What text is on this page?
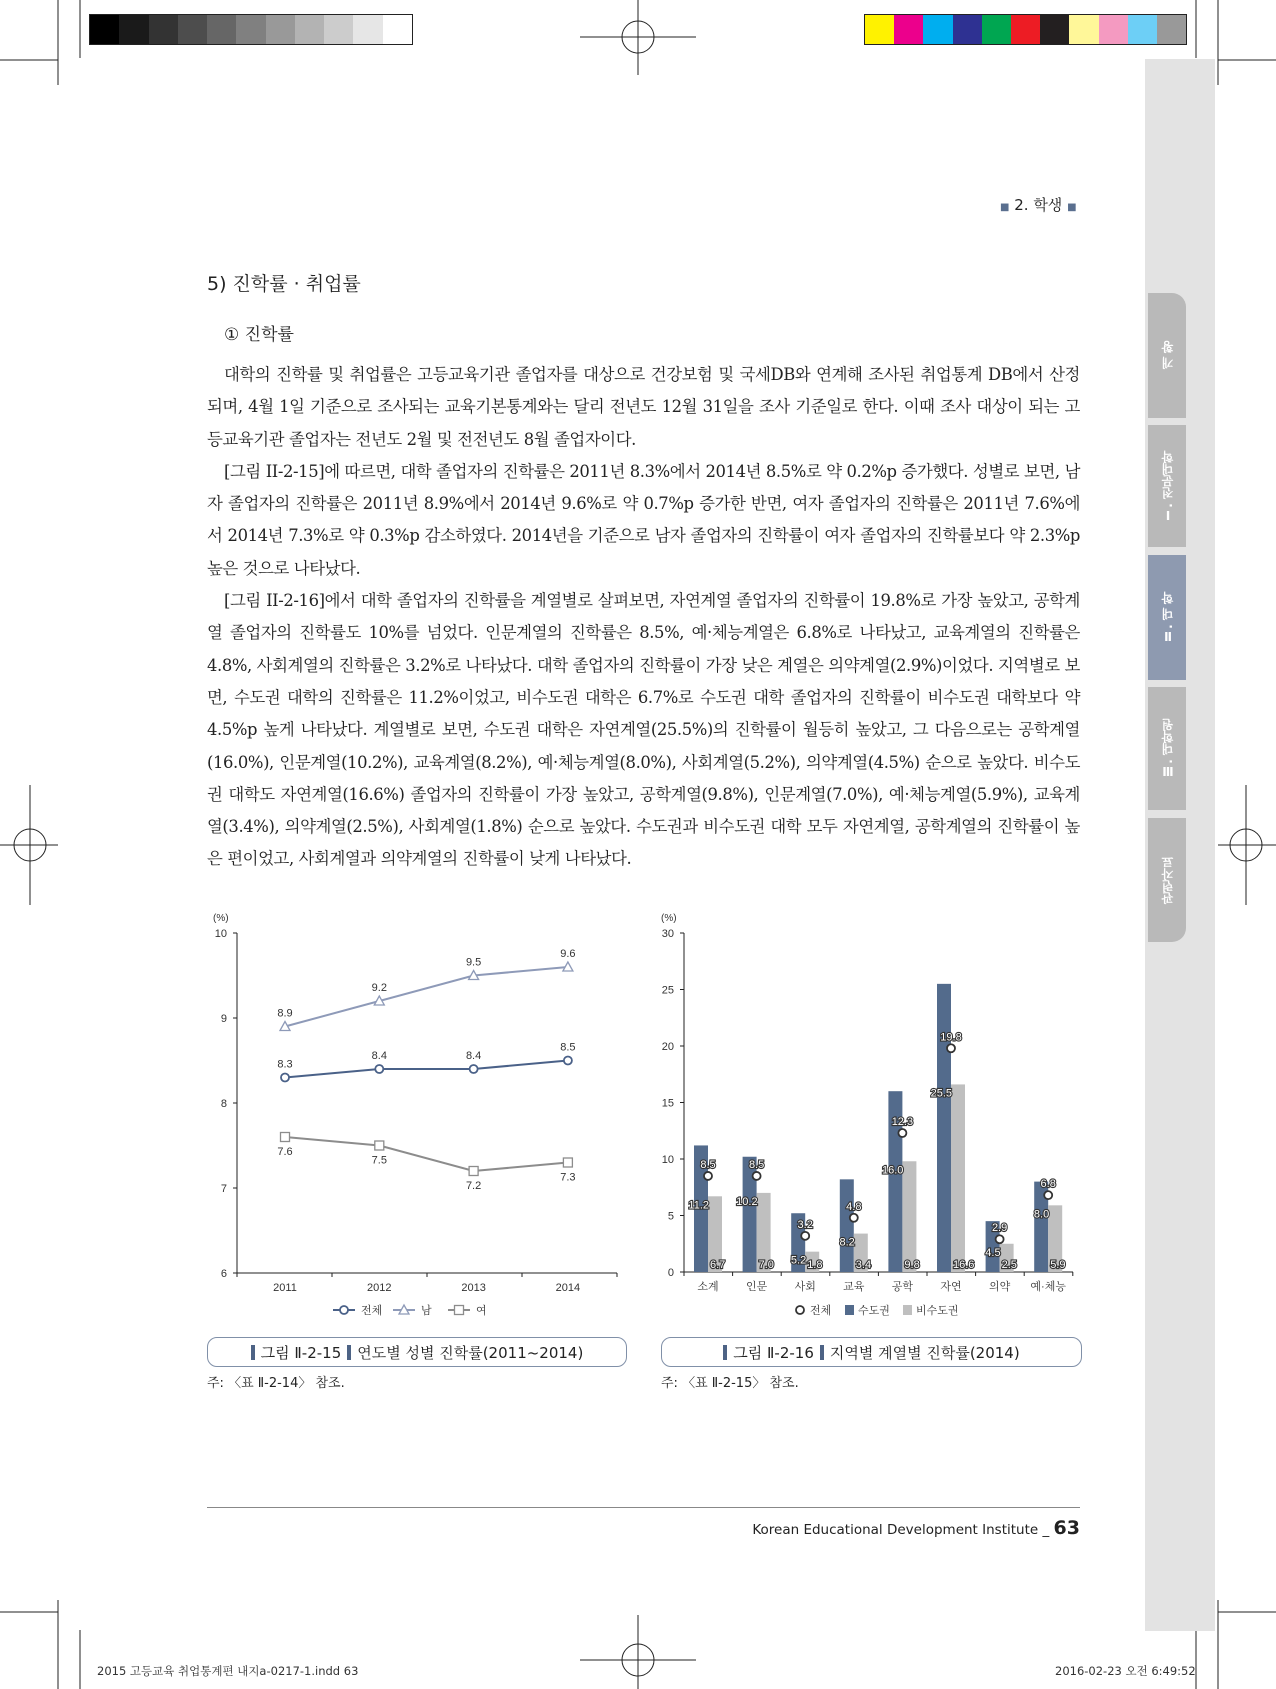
개 황
Ⅰ. 전문대학
Ⅱ. 대 학
Ⅲ. 대학원
관련자료
■ 2. 학생 ■
5) 진학률 · 취업률
① 진학률

대학의 진학률 및 취업률은 고등교육기관 졸업자를 대상으로 건강보험 및 국세DB와 연계해 조사된 취업통계 DB에서 산정되며, 4월 1일 기준으로 조사되는 교육기본통계와는 달리 전년도 12월 31일을 조사 기준일로 한다. 이때 조사 대상이 되는 고등교육기관 졸업자는 전년도 2월 및 전전년도 8월 졸업자이다.

[그림 II-2-15]에 따르면, 대학 졸업자의 진학률은 2011년 8.3%에서 2014년 8.5%로 약 0.2%p 증가했다. 성별로 보면, 남자 졸업자의 진학률은 2011년 8.9%에서 2014년 9.6%로 약 0.7%p 증가한 반면, 여자 졸업자의 진학률은 2011년 7.6%에서 2014년 7.3%로 약 0.3%p 감소하였다. 2014년을 기준으로 남자 졸업자의 진학률이 여자 졸업자의 진학률보다 약 2.3%p 높은 것으로 나타났다.

[그림 II-2-16]에서 대학 졸업자의 진학률을 계열별로 살펴보면, 자연계열 졸업자의 진학률이 19.8%로 가장 높았고, 공학계열 졸업자의 진학률도 10%를 넘었다. 인문계열의 진학률은 8.5%, 예·체능계열은 6.8%로 나타났고, 교육계열의 진학률은 4.8%, 사회계열의 진학률은 3.2%로 나타났다. 대학 졸업자의 진학률이 가장 낮은 계열은 의약계열(2.9%)이었다. 지역별로 보면, 수도권 대학의 진학률은 11.2%이었고, 비수도권 대학은 6.7%로 수도권 대학 졸업자의 진학률이 비수도권 대학보다 약 4.5%p 높게 나타났다. 계열별로 보면, 수도권 대학은 자연계열(25.5%)의 진학률이 월등히 높았고, 그 다음으로는 공학계열(16.0%), 인문계열(10.2%), 교육계열(8.2%), 예·체능계열(8.0%), 사회계열(5.2%), 의약계열(4.5%) 순으로 높았다. 비수도권 대학도 자연계열(16.6%) 졸업자의 진학률이 가장 높았고, 공학계열(9.8%), 인문계열(7.0%), 예·체능계열(5.9%), 교육계열(3.4%), 의약계열(2.5%), 사회계열(1.8%) 순으로 높았다. 수도권과 비수도권 대학 모두 자연계열, 공학계열의 진학률이 높은 편이었고, 사회계열과 의약계열의 진학률이 낮게 나타났다.

(%)
6
7
8
9
10
2011	2012	2013	2014
8.3
8.4	8.4
8.5
8.9
9.2
9.5
9.6
7.6
7.5
7.2
7.3
전체	남	여
(%)
0
5
10
15
20
25
30
11.2
6.7
8.5
소계
10.2
7.0
8.5
인문
5.2 1.8
3.2
사회
8.2
3.4
4.8
교육
16.0
9.8
12.3
공학
25.5
16.6
19.8
자연
4.5
2.5
2.9
의약
8.0
5.9
6.8
예·체능
전체 수도권 비수도권
그림 Ⅱ-2-15 연도별 성별 진학률(2011~2014)	그림 Ⅱ-2-16 지역별 계열별 진학률(2014)
주: 〈표 Ⅱ-2-14〉 참조.	주: 〈표 Ⅱ-2-15〉 참조.
Korean Educational Development Institute _ 63
2015 고등교육 취업통계편 내지a-0217-1.indd 63	2016-02-23 오전 6:49:52
